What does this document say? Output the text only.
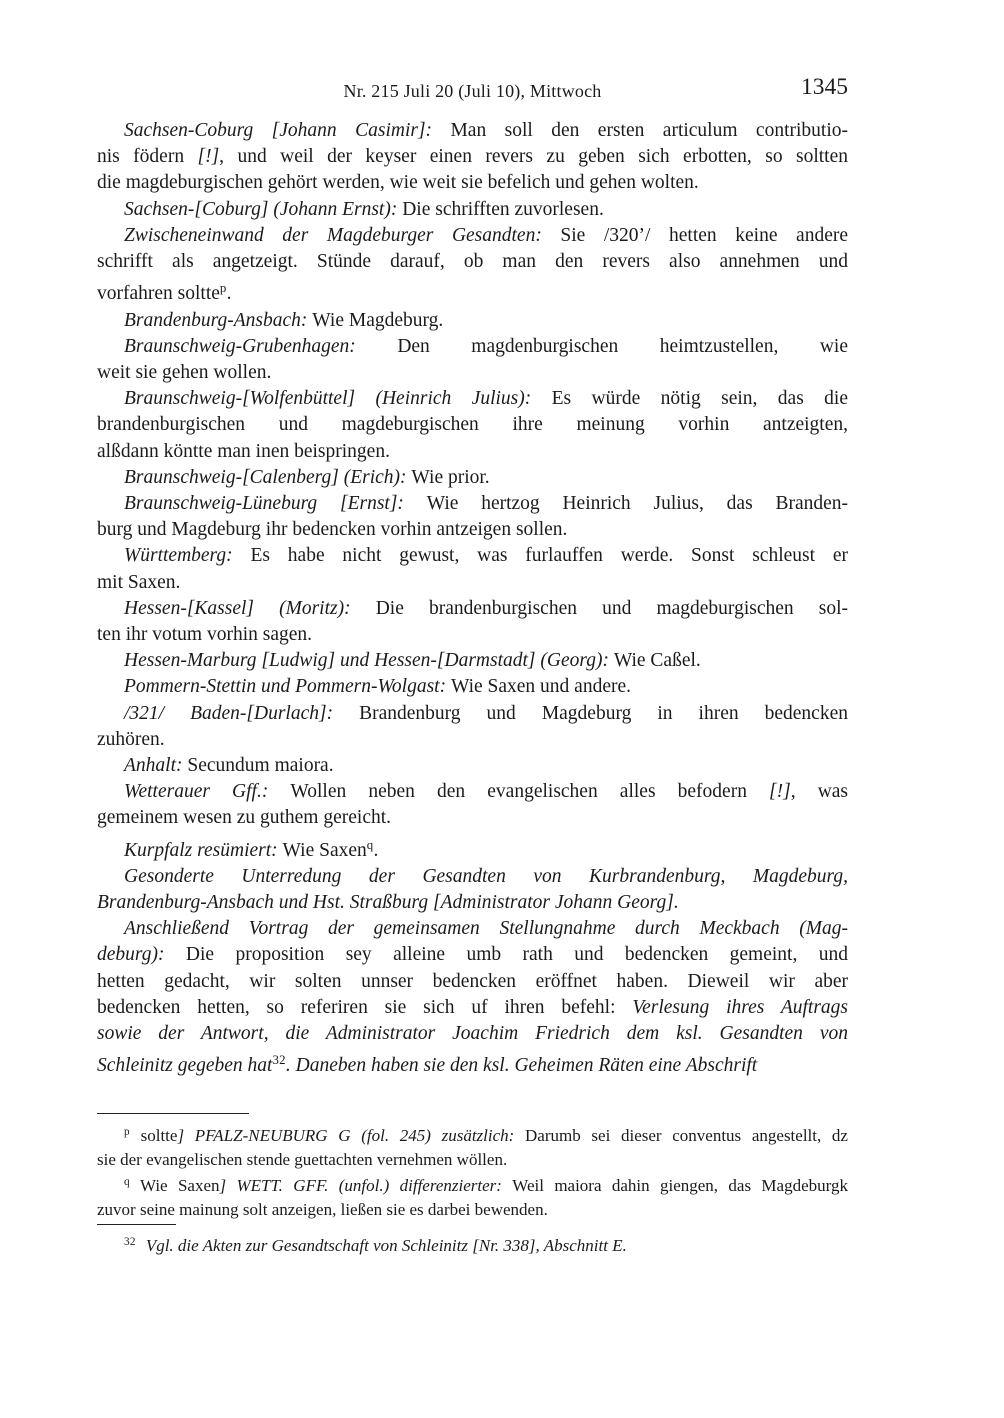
Nr. 215 Juli 20 (Juli 10), Mittwoch	1345
Sachsen-Coburg [Johann Casimir]: Man soll den ersten articulum contributio-
nis födern [!], und weil der keyser einen revers zu geben sich erbotten, so soltten
die magdeburgischen gehört werden, wie weit sie befelich und gehen wolten.
Sachsen-[Coburg] (Johann Ernst): Die schrifften zuvorlesen.
Zwischeneinwand der Magdeburger Gesandten: Sie /320’/ hetten keine andere
schrifft als angetzeigt. Stünde darauf, ob man den revers also annehmen und
vorfahren soltte$^p$.
Brandenburg-Ansbach: Wie Magdeburg.
Braunschweig-Grubenhagen: Den magdenburgischen heimtzustellen, wie
weit sie gehen wollen.
Braunschweig-[Wolfenbüttel] (Heinrich Julius): Es würde nötig sein, das die
brandenburgischen und magdeburgischen ihre meinung vorhin antzeigten,
alßdann köntte man inen beispringen.
Braunschweig-[Calenberg] (Erich): Wie prior.
Braunschweig-Lüneburg [Ernst]: Wie hertzog Heinrich Julius, das Branden-
burg und Magdeburg ihr bedencken vorhin antzeigen sollen.
Württemberg: Es habe nicht gewust, was furlauffen werde. Sonst schleust er
mit Saxen.
Hessen-[Kassel] (Moritz): Die brandenburgischen und magdeburgischen sol-
ten ihr votum vorhin sagen.
Hessen-Marburg [Ludwig] und Hessen-[Darmstadt] (Georg): Wie Caßel.
Pommern-Stettin und Pommern-Wolgast: Wie Saxen und andere.
/321/ Baden-[Durlach]: Brandenburg und Magdeburg in ihren bedencken
zuhören.
Anhalt: Secundum maiora.
Wetterauer Gff.: Wollen neben den evangelischen alles befodern [!], was
gemeinem wesen zu guthem gereicht.
Kurpfalz resümiert: Wie Saxen$^q$.
Gesonderte Unterredung der Gesandten von Kurbrandenburg, Magdeburg,
Brandenburg-Ansbach und Hst. Straßburg [Administrator Johann Georg].
Anschließend Vortrag der gemeinsamen Stellungnahme durch Meckbach (Mag-
deburg): Die proposition sey alleine umb rath und bedencken gemeint, und
hetten gedacht, wir solten unnser bedencken eröffnet haben. Dieweil wir aber
bedencken hetten, so referiren sie sich uf ihren befehl: Verlesung ihres Auftrags
sowie der Antwort, die Administrator Joachim Friedrich dem ksl. Gesandten von
Schleinitz gegeben hat$^{32}$. Daneben haben sie den ksl. Geheimen Räten eine Abschrift
$^p$ soltte] PFALZ-NEUBURG G (fol. 245) zusätzlich: Darumb sei dieser conventus angestellt, dz
sie der evangelischen stende guettachten vernehmen wöllen.
$^q$ Wie Saxen] WETT. GFF. (unfol.) differenzierter: Weil maiora dahin giengen, das Magdeburgk
zuvor seine mainung solt anzeigen, ließen sie es darbei bewenden.
$^{32}$ Vgl. die Akten zur Gesandtschaft von Schleinitz [Nr. 338], Abschnitt E.
